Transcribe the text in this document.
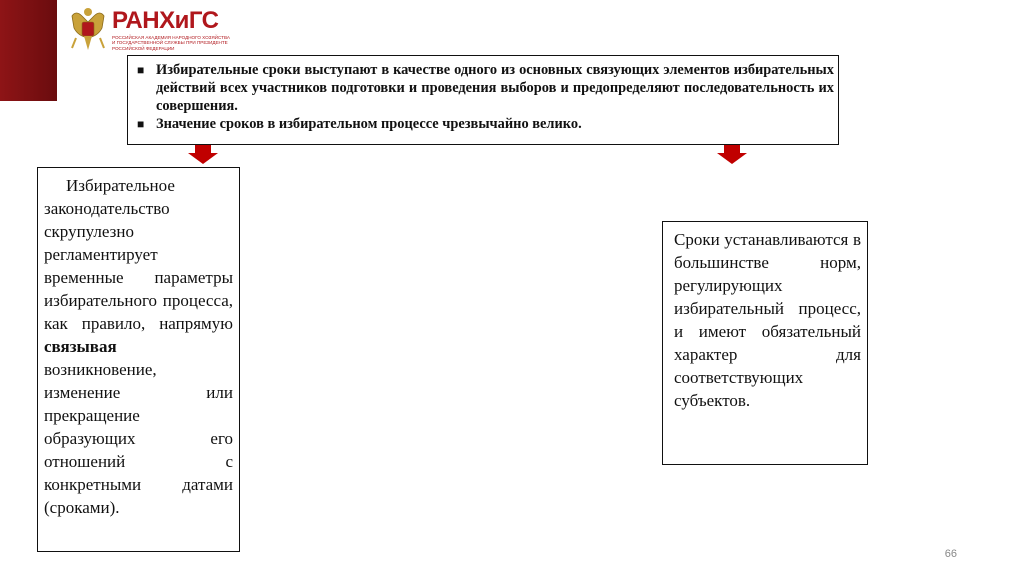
РАНХиГС
РОССИЙСКАЯ АКАДЕМИЯ НАРОДНОГО ХОЗЯЙСТВА И ГОСУДАРСТВЕННОЙ СЛУЖБЫ ПРИ ПРЕЗИДЕНТЕ РОССИЙСКОЙ ФЕДЕРАЦИИ
■ Избирательные сроки выступают в качестве одного из основных связующих элементов избирательных действий всех участников подготовки и проведения выборов и предопределяют последовательность их совершения.
■ Значение сроков в избирательном процессе чрезвычайно велико.
Избирательное законодательство скрупулезно регламентирует временные параметры избирательного процесса, как правило, напрямую связывая возникновение, изменение или прекращение образующих его отношений с конкретными датами (сроками).
Сроки устанавливаются в большинстве норм, регулирующих избирательный процесс, и имеют обязательный характер для соответствующих субъектов.
66
